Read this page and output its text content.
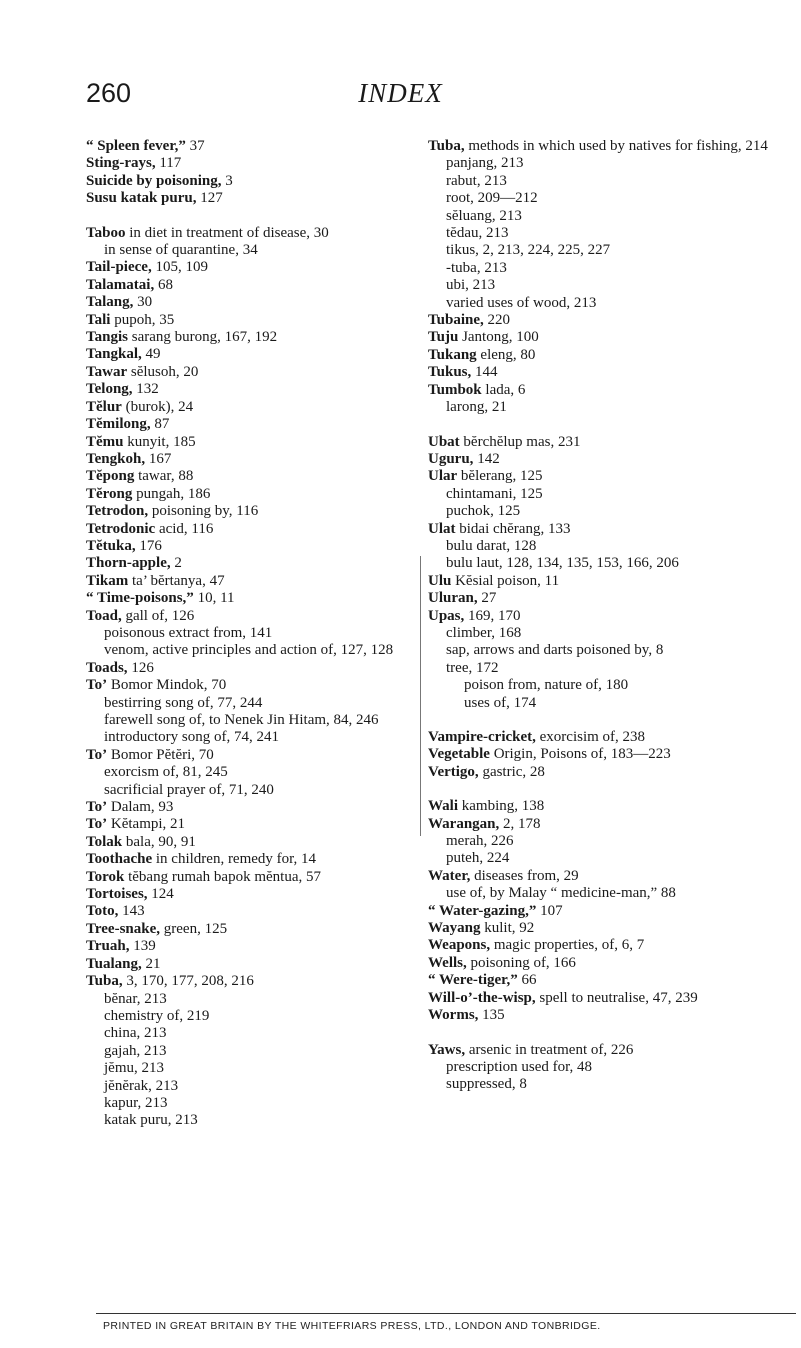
260	INDEX
“ Spleen fever,” 37
Sting-rays, 117
Suicide by poisoning, 3
Susu katak puru, 127
Taboo in diet in treatment of disease, 30
in sense of quarantine, 34
Tail-piece, 105, 109
Talamatai, 68
Talang, 30
Tali pupoh, 35
Tangis sarang burong, 167, 192
Tangkal, 49
Tawar sĕlusoh, 20
Telong, 132
Tĕlur (burok), 24
Tĕmilong, 87
Tĕmu kunyit, 185
Tengkoh, 167
Tĕpong tawar, 88
Tĕrong pungah, 186
Tetrodon, poisoning by, 116
Tetrodonic acid, 116
Tĕtuka, 176
Thorn-apple, 2
Tikam ta’ bĕrtanya, 47
“ Time-poisons,” 10, 11
Toad, gall of, 126
poisonous extract from, 141
venom, active principles and action of, 127, 128
Toads, 126
To’ Bomor Mindok, 70
bestirring song of, 77, 244
farewell song of, to Nenek Jin Hitam, 84, 246
introductory song of, 74, 241
To’ Bomor Pĕtĕri, 70
exorcism of, 81, 245
sacrificial prayer of, 71, 240
To’ Dalam, 93
To’ Kĕtampi, 21
Tolak bala, 90, 91
Toothache in children, remedy for, 14
Torok tĕbang rumah bapok mĕntua, 57
Tortoises, 124
Toto, 143
Tree-snake, green, 125
Truah, 139
Tualang, 21
Tuba, 3, 170, 177, 208, 216
bĕnar, 213
chemistry of, 219
china, 213
gajah, 213
jĕmu, 213
jĕnĕrak, 213
kapur, 213
katak puru, 213
Tuba, methods in which used by natives for fishing, 214
panjang, 213
rabut, 213
root, 209—212
sĕluang, 213
tĕdau, 213
tikus, 2, 213, 224, 225, 227
-tuba, 213
ubi, 213
varied uses of wood, 213
Tubaine, 220
Tuju Jantong, 100
Tukang eleng, 80
Tukus, 144
Tumbok lada, 6
larong, 21
Ubat bĕrchĕlup mas, 231
Uguru, 142
Ular bĕlerang, 125
chintamani, 125
puchok, 125
Ulat bidai chĕrang, 133
bulu darat, 128
bulu laut, 128, 134, 135, 153, 166, 206
Ulu Kĕsial poison, 11
Uluran, 27
Upas, 169, 170
climber, 168
sap, arrows and darts poisoned by, 8
tree, 172
poison from, nature of, 180
uses of, 174
Vampire-cricket, exorcisim of, 238
Vegetable Origin, Poisons of, 183—223
Vertigo, gastric, 28
Wali kambing, 138
Warangan, 2, 178
merah, 226
puteh, 224
Water, diseases from, 29
use of, by Malay “ medicine-man,” 88
“ Water-gazing,” 107
Wayang kulit, 92
Weapons, magic properties, of, 6, 7
Wells, poisoning of, 166
“ Were-tiger,” 66
Will-o’-the-wisp, spell to neutralise, 47, 239
Worms, 135
Yaws, arsenic in treatment of, 226
prescription used for, 48
suppressed, 8
PRINTED IN GREAT BRITAIN BY THE WHITEFRIARS PRESS, LTD., LONDON AND TONBRIDGE.
